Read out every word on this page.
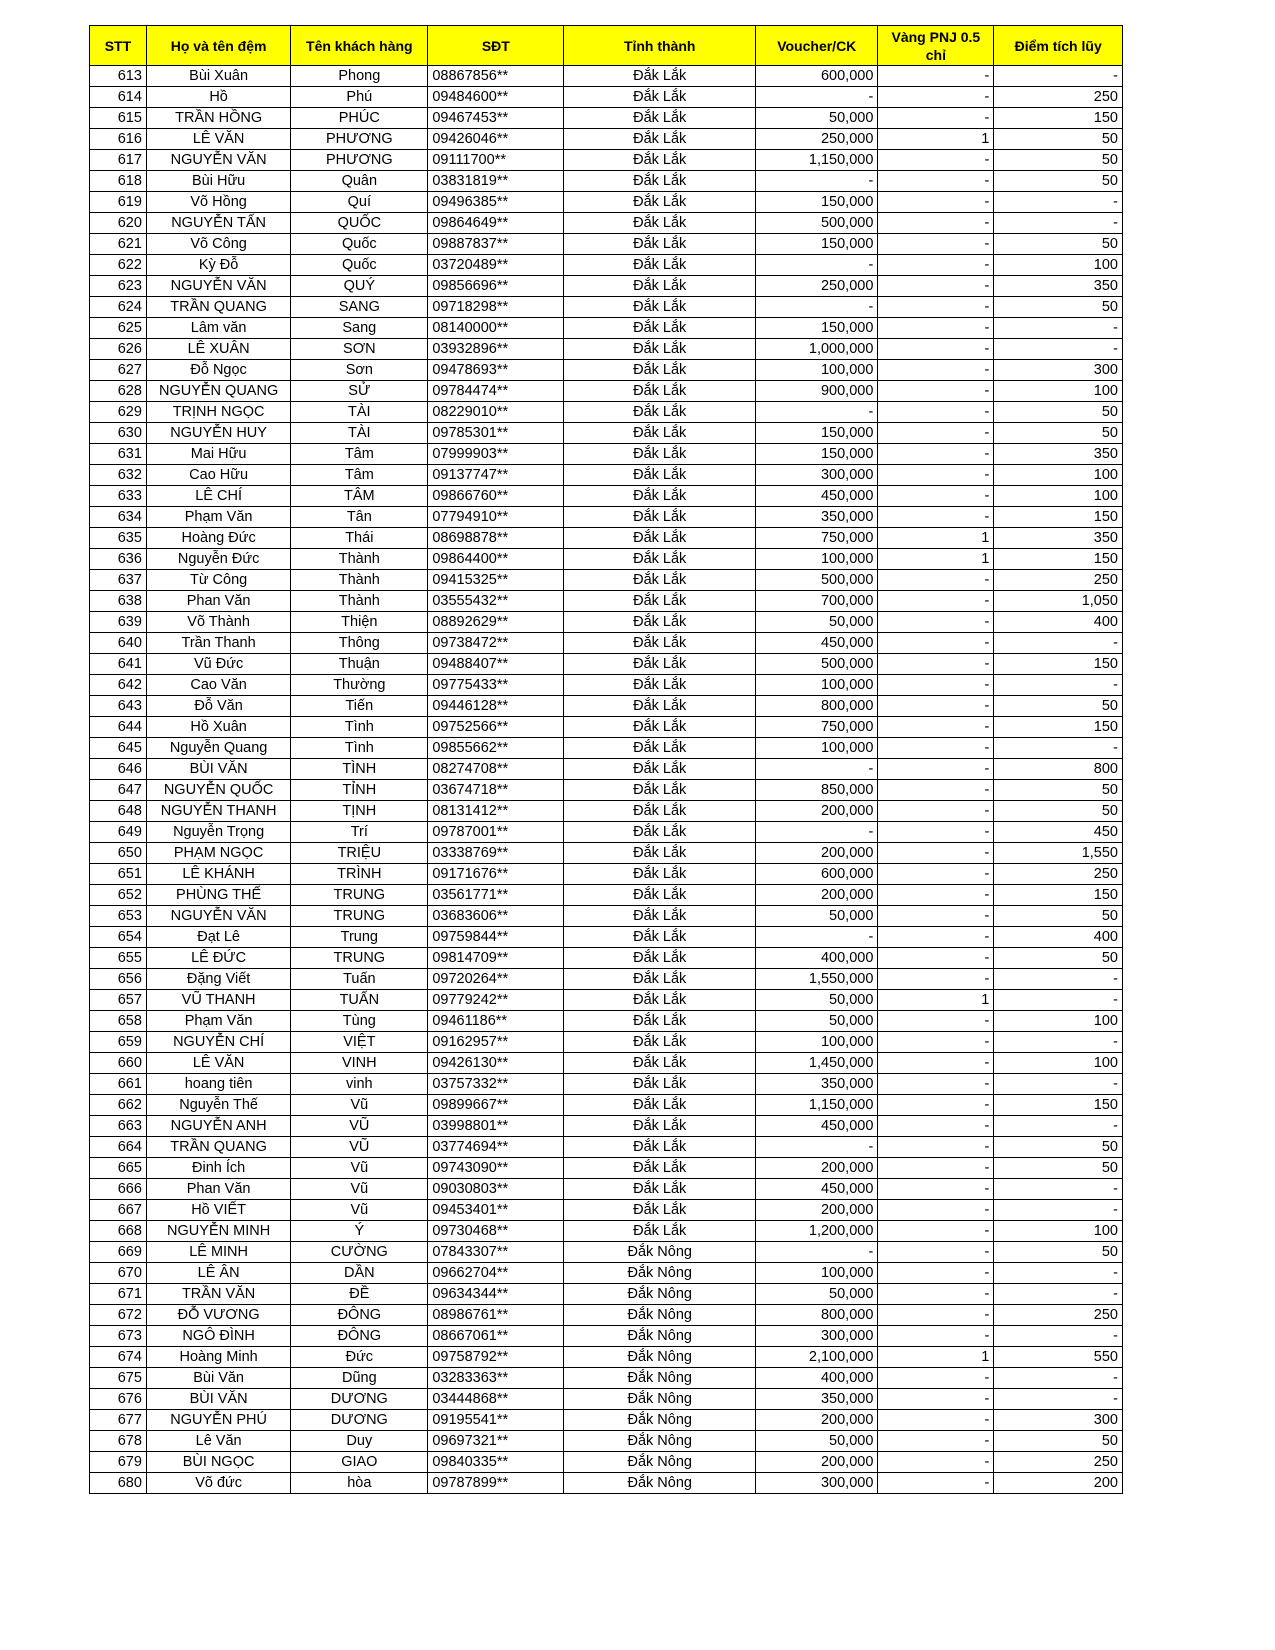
STT	Họ và tên đệm	Tên khách hàng	SĐT	Tỉnh thành	Voucher/CK	Vàng PNJ 0.5 chỉ	Điểm tích lũy
613	Bùi Xuân	Phong	08867856**	Đắk Lắk	600,000	-	-
614	Hồ	Phú	09484600**	Đắk Lắk	-	-	250
615	TRẦN HỒNG	PHÚC	09467453**	Đắk Lắk	50,000	-	150
616	LÊ VĂN	PHƯƠNG	09426046**	Đắk Lắk	250,000	1	50
617	NGUYỄN VĂN	PHƯƠNG	09111700**	Đắk Lắk	1,150,000	-	50
618	Bùi Hữu	Quân	03831819**	Đắk Lắk	-	-	50
619	Võ Hồng	Quí	09496385**	Đắk Lắk	150,000	-	-
620	NGUYỄN TẤN	QUỐC	09864649**	Đắk Lắk	500,000	-	-
621	Võ Công	Quốc	09887837**	Đắk Lắk	150,000	-	50
622	Kỳ Đỗ	Quốc	03720489**	Đắk Lắk	-	-	100
623	NGUYỄN VĂN	QUÝ	09856696**	Đắk Lắk	250,000	-	350
624	TRẦN QUANG	SANG	09718298**	Đắk Lắk	-	-	50
625	Lâm văn	Sang	08140000**	Đắk Lắk	150,000	-	-
626	LÊ XUÂN	SƠN	03932896**	Đắk Lắk	1,000,000	-	-
627	Đỗ Ngọc	Sơn	09478693**	Đắk Lắk	100,000	-	300
628	NGUYỄN QUANG	SỬ	09784474**	Đắk Lắk	900,000	-	100
629	TRỊNH NGỌC	TÀI	08229010**	Đắk Lắk	-	-	50
630	NGUYỄN HUY	TÀI	09785301**	Đắk Lắk	150,000	-	50
631	Mai Hữu	Tâm	07999903**	Đắk Lắk	150,000	-	350
632	Cao Hữu	Tâm	09137747**	Đắk Lắk	300,000	-	100
633	LÊ CHÍ	TÂM	09866760**	Đắk Lắk	450,000	-	100
634	Phạm Văn	Tân	07794910**	Đắk Lắk	350,000	-	150
635	Hoàng Đức	Thái	08698878**	Đắk Lắk	750,000	1	350
636	Nguyễn Đức	Thành	09864400**	Đắk Lắk	100,000	1	150
637	Từ Công	Thành	09415325**	Đắk Lắk	500,000	-	250
638	Phan Văn	Thành	03555432**	Đắk Lắk	700,000	-	1,050
639	Võ Thành	Thiện	08892629**	Đắk Lắk	50,000	-	400
640	Trần Thanh	Thông	09738472**	Đắk Lắk	450,000	-	-
641	Vũ Đức	Thuận	09488407**	Đắk Lắk	500,000	-	150
642	Cao Văn	Thường	09775433**	Đắk Lắk	100,000	-	-
643	Đỗ Văn	Tiến	09446128**	Đắk Lắk	800,000	-	50
644	Hồ Xuân	Tình	09752566**	Đắk Lắk	750,000	-	150
645	Nguyễn Quang	Tình	09855662**	Đắk Lắk	100,000	-	-
646	BÙI VĂN	TÌNH	08274708**	Đắk Lắk	-	-	800
647	NGUYỄN QUỐC	TỈNH	03674718**	Đắk Lắk	850,000	-	50
648	NGUYỄN THANH	TỊNH	08131412**	Đắk Lắk	200,000	-	50
649	Nguyễn Trọng	Trí	09787001**	Đắk Lắk	-	-	450
650	PHẠM NGỌC	TRIỆU	03338769**	Đắk Lắk	200,000	-	1,550
651	LÊ KHÁNH	TRÌNH	09171676**	Đắk Lắk	600,000	-	250
652	PHÙNG THẾ	TRUNG	03561771**	Đắk Lắk	200,000	-	150
653	NGUYỄN VĂN	TRUNG	03683606**	Đắk Lắk	50,000	-	50
654	Đạt Lê	Trung	09759844**	Đắk Lắk	-	-	400
655	LÊ ĐỨC	TRUNG	09814709**	Đắk Lắk	400,000	-	50
656	Đặng Viết	Tuấn	09720264**	Đắk Lắk	1,550,000	-	-
657	VŨ THANH	TUẤN	09779242**	Đắk Lắk	50,000	1	-
658	Phạm Văn	Tùng	09461186**	Đắk Lắk	50,000	-	100
659	NGUYỄN CHÍ	VIỆT	09162957**	Đắk Lắk	100,000	-	-
660	LÊ VĂN	VINH	09426130**	Đắk Lắk	1,450,000	-	100
661	hoang tiên	vinh	03757332**	Đắk Lắk	350,000	-	-
662	Nguyễn Thế	Vũ	09899667**	Đắk Lắk	1,150,000	-	150
663	NGUYỄN ANH	VŨ	03998801**	Đắk Lắk	450,000	-	-
664	TRẦN QUANG	VŨ	03774694**	Đắk Lắk	-	-	50
665	Đinh Ích	Vũ	09743090**	Đắk Lắk	200,000	-	50
666	Phan Văn	Vũ	09030803**	Đắk Lắk	450,000	-	-
667	Hồ VIẾT	Vũ	09453401**	Đắk Lắk	200,000	-	-
668	NGUYỄN MINH	Ý	09730468**	Đắk Lắk	1,200,000	-	100
669	LÊ MINH	CƯỜNG	07843307**	Đắk Nông	-	-	50
670	LÊ ÂN	DẦN	09662704**	Đắk Nông	100,000	-	-
671	TRẦN VĂN	ĐỀ	09634344**	Đắk Nông	50,000	-	-
672	ĐỖ VƯƠNG	ĐÔNG	08986761**	Đắk Nông	800,000	-	250
673	NGÔ ĐÌNH	ĐÔNG	08667061**	Đắk Nông	300,000	-	-
674	Hoàng Minh	Đức	09758792**	Đắk Nông	2,100,000	1	550
675	Bùi Văn	Dũng	03283363**	Đắk Nông	400,000	-	-
676	BÙI VĂN	DƯƠNG	03444868**	Đắk Nông	350,000	-	-
677	NGUYỄN PHÚ	DƯƠNG	09195541**	Đắk Nông	200,000	-	300
678	Lê Văn	Duy	09697321**	Đắk Nông	50,000	-	50
679	BÙI NGỌC	GIAO	09840335**	Đắk Nông	200,000	-	250
680	Võ đức	hòa	09787899**	Đắk Nông	300,000	-	200
